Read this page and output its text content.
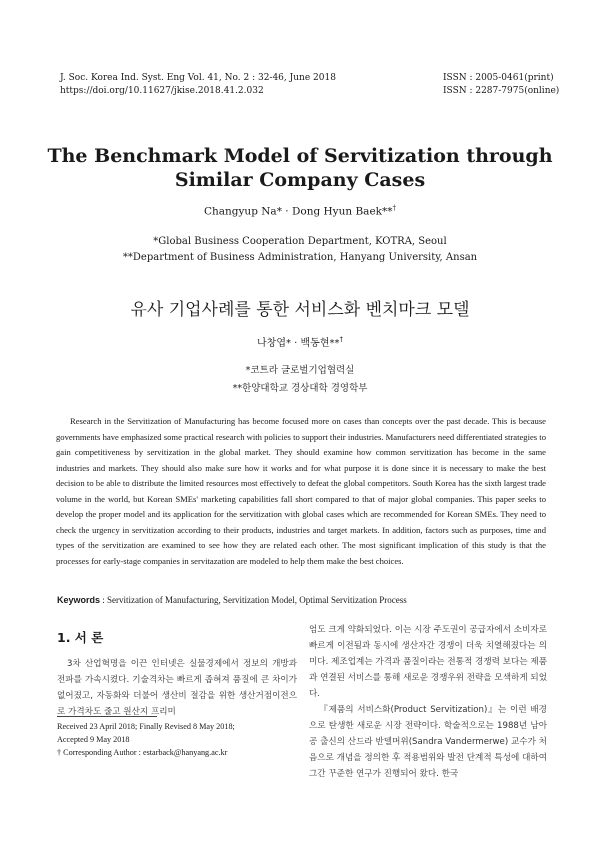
J. Soc. Korea Ind. Syst. Eng Vol. 41, No. 2 : 32-46, June 2018
https://doi.org/10.11627/jkise.2018.41.2.032
ISSN : 2005-0461(print)
ISSN : 2287-7975(online)
The Benchmark Model of Servitization through
Similar Company Cases
Changyup Na* · Dong Hyun Baek**†
*Global Business Cooperation Department, KOTRA, Seoul
**Department of Business Administration, Hanyang University, Ansan
유사 기업사례를 통한 서비스화 벤치마크 모델
나창엽* · 백동현**†
*코트라 글로벌기업협력실
**한양대학교 경상대학 경영학부
Research in the Servitization of Manufacturing has become focused more on cases than concepts over the past decade. This is because governments have emphasized some practical research with policies to support their industries. Manufacturers need differentiated strategies to gain competitiveness by servitization in the global market. They should examine how common servitization has become in the same industries and markets. They should also make sure how it works and for what purpose it is done since it is necessary to make the best decision to be able to distribute the limited resources most effectively to defeat the global competitors. South Korea has the sixth largest trade volume in the world, but Korean SMEs' marketing capabilities fall short compared to that of major global companies. This paper seeks to develop the proper model and its application for the servitization with global cases which are recommended for Korean SMEs. They need to check the urgency in servitization according to their products, industries and target markets. In addition, factors such as purposes, time and types of the servitization are examined to see how they are related each other. The most significant implication of this study is that the processes for early-stage companies in servitazation are modeled to help them make the best choices.
Keywords : Servitization of Manufacturing, Servitization Model, Optimal Servitization Process
1. 서 론
3차 산업혁명을 이끈 인터넷은 실물경제에서 정보의 개방과 전파를 가속시켰다. 기술격차는 빠르게 좁혀져 품질에 큰 차이가 없어졌고, 자동화와 더불어 생산비 절감을 위한 생산거점이전으로 가격차도 줄고 원산지 프리미

엄도 크게 약화되었다. 이는 시장 주도권이 공급자에서 소비자로 빠르게 이전됨과 동시에 생산자간 경쟁이 더욱 치열해졌다는 의미다. 제조업계는 가격과 품질이라는 전통적 경쟁력 보다는 제품과 연결된 서비스를 통해 새로운 경쟁우위 전략을 모색하게 되었다.

『제품의 서비스화(Product Servitization)』는 이런 배경으로 탄생한 새로운 시장 전략이다. 학술적으로는 1988년 남아공 출신의 산드라 반델머위(Sandra Vandermerwe) 교수가 처음으로 개념을 정의한 후 적용범위와 발전 단계적 특성에 대하여 그간 꾸준한 연구가 진행되어 왔다. 한국

Received 23 April 2018; Finally Revised 8 May 2018;
Accepted 9 May 2018
† Corresponding Author : estarback@hanyang.ac.kr
